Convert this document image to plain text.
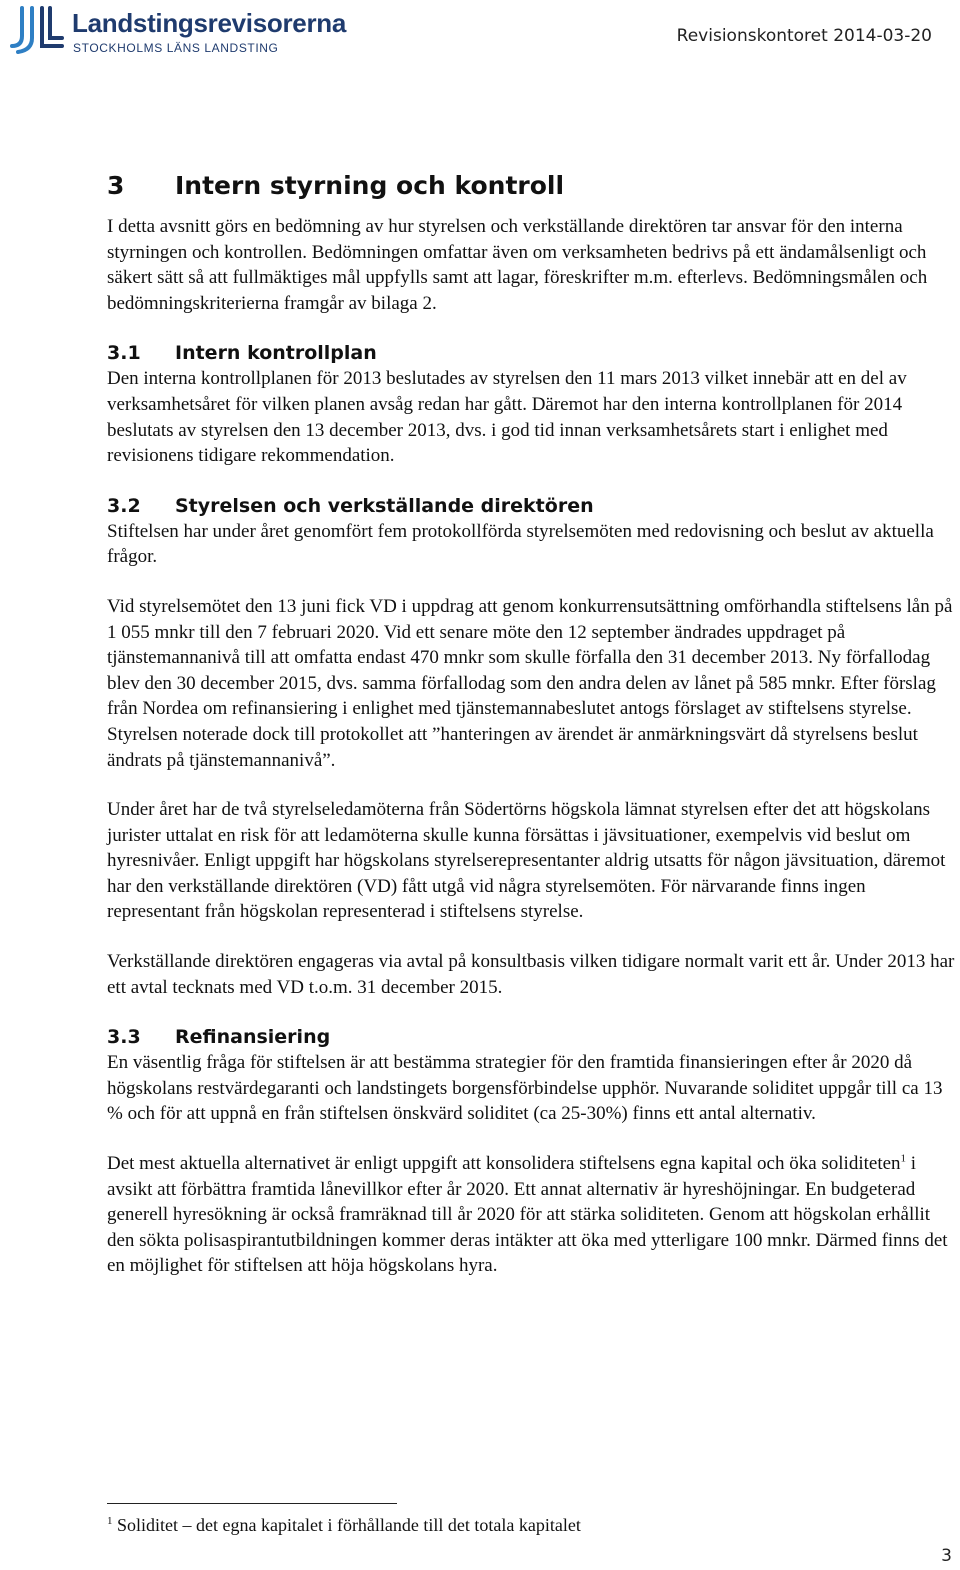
Landstingsrevisorerna
STOCKHOLMS LÄNS LANDSTING
Revisionskontoret 2014-03-20
3 Intern styrning och kontroll

I detta avsnitt görs en bedömning av hur styrelsen och verkställande direktören tar ansvar för den interna styrningen och kontrollen. Bedömningen omfattar även om verksamheten bedrivs på ett ändamålsenligt och säkert sätt så att fullmäktiges mål uppfylls samt att lagar, föreskrifter m.m. efterlevs. Bedömningsmålen och bedömningskriterierna framgår av bilaga 2.

3.1 Intern kontrollplan

Den interna kontrollplanen för 2013 beslutades av styrelsen den 11 mars 2013 vilket innebär att en del av verksamhetsåret för vilken planen avsåg redan har gått. Däremot har den interna kontrollplanen för 2014 beslutats av styrelsen den 13 december 2013, dvs. i god tid innan verksamhetsårets start i enlighet med revisionens tidigare rekommendation.

3.2 Styrelsen och verkställande direktören

Stiftelsen har under året genomfört fem protokollförda styrelsemöten med redovisning och beslut av aktuella frågor.

Vid styrelsemötet den 13 juni fick VD i uppdrag att genom konkurrensutsättning omförhandla stiftelsens lån på 1 055 mnkr till den 7 februari 2020. Vid ett senare möte den 12 september ändrades uppdraget på tjänstemannanivå till att omfatta endast 470 mnkr som skulle förfalla den 31 december 2013. Ny förfallodag blev den 30 december 2015, dvs. samma förfallodag som den andra delen av lånet på 585 mnkr. Efter förslag från Nordea om refinansiering i enlighet med tjänstemannabeslutet antogs förslaget av stiftelsens styrelse. Styrelsen noterade dock till protokollet att ”hanteringen av ärendet är anmärkningsvärt då styrelsens beslut ändrats på tjänstemannanivå”.

Under året har de två styrelseledamöterna från Södertörns högskola lämnat styrelsen efter det att högskolans jurister uttalat en risk för att ledamöterna skulle kunna försättas i jävsituationer, exempelvis vid beslut om hyresnivåer. Enligt uppgift har högskolans styrelserepresentanter aldrig utsatts för någon jävsituation, däremot har den verkställande direktören (VD) fått utgå vid några styrelsemöten. För närvarande finns ingen representant från högskolan representerad i stiftelsens styrelse.

Verkställande direktören engageras via avtal på konsultbasis vilken tidigare normalt varit ett år. Under 2013 har ett avtal tecknats med VD t.o.m. 31 december 2015.

3.3 Refinansiering

En väsentlig fråga för stiftelsen är att bestämma strategier för den framtida finansieringen efter år 2020 då högskolans restvärdegaranti och landstingets borgensförbindelse upphör. Nuvarande soliditet uppgår till ca 13 % och för att uppnå en från stiftelsen önskvärd soliditet (ca 25-30%) finns ett antal alternativ.

Det mest aktuella alternativet är enligt uppgift att konsolidera stiftelsens egna kapital och öka soliditeten$^1$ i avsikt att förbättra framtida lånevillkor efter år 2020. Ett annat alternativ är hyreshöjningar. En budgeterad generell hyresökning är också framräknad till år 2020 för att stärka soliditeten. Genom att högskolan erhållit den sökta polisaspirantutbildningen kommer deras intäkter att öka med ytterligare 100 mnkr. Därmed finns det en möjlighet för stiftelsen att höja högskolans hyra.

$^1$ Soliditet – det egna kapitalet i förhållande till det totala kapitalet
3
